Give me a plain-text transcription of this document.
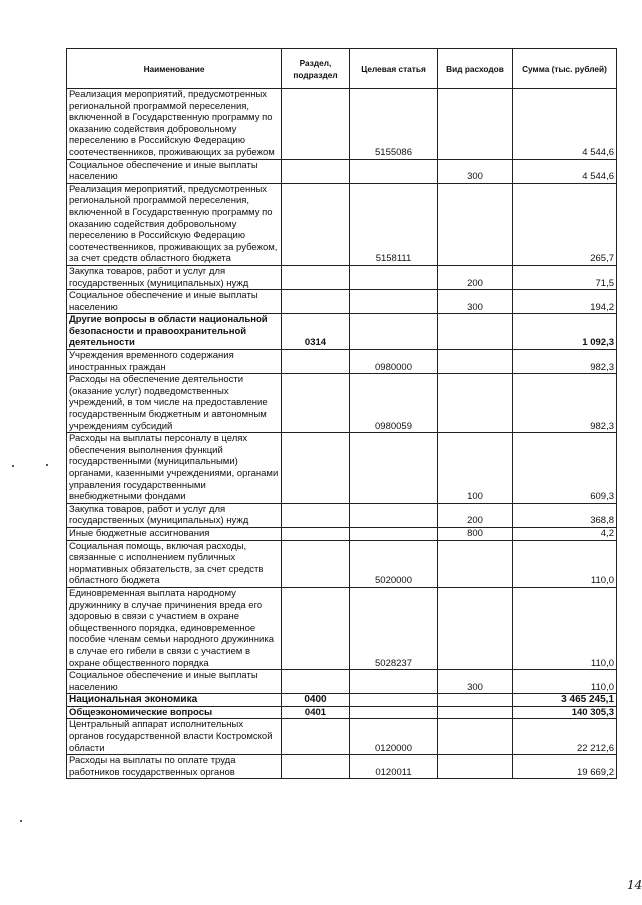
Наименование	Раздел, подраздел	Целевая статья	Вид расходов	Сумма (тыс. рублей)
Реализация мероприятий, предусмотренных региональной программой переселения, включенной в Государственную программу по оказанию содействия добровольному переселению в Российскую Федерацию соотечественников, проживающих за рубежом		5155086		4 544,6
Социальное обеспечение и иные выплаты населению			300	4 544,6
Реализация мероприятий, предусмотренных региональной программой переселения, включенной в Государственную программу по оказанию содействия добровольному переселению в Российскую Федерацию соотечественников, проживающих за рубежом, за счет средств областного бюджета		5158111		265,7
Закупка товаров, работ и услуг для государственных (муниципальных) нужд			200	71,5
Социальное обеспечение и иные выплаты населению			300	194,2
Другие вопросы в области национальной безопасности и правоохранительной деятельности	0314			1 092,3
Учреждения временного содержания иностранных граждан		0980000		982,3
Расходы на обеспечение деятельности (оказание услуг) подведомственных учреждений, в том числе на предоставление государственным бюджетным и автономным учреждениям субсидий		0980059		982,3
Расходы на выплаты персоналу в целях обеспечения выполнения функций государственными (муниципальными) органами, казенными учреждениями, органами управления государственными внебюджетными фондами			100	609,3
Закупка товаров, работ и услуг для государственных (муниципальных) нужд			200	368,8
Иные бюджетные ассигнования			800	4,2
Социальная помощь, включая расходы, связанные с исполнением публичных нормативных обязательств, за счет средств областного бюджета		5020000		110,0
Единовременная выплата народному дружиннику в случае причинения вреда его здоровью в связи с участием в охране общественного порядка, единовременное пособие членам семьи народного дружинника в случае его гибели в связи с участием в охране общественного порядка		5028237		110,0
Социальное обеспечение и иные выплаты населению			300	110,0
Национальная экономика	0400			3 465 245,1
Общеэкономические вопросы	0401			140 305,3
Центральный аппарат исполнительных органов государственной власти Костромской области		0120000		22 212,6
Расходы на выплаты по оплате труда работников государственных органов		0120011		19 669,2
14
